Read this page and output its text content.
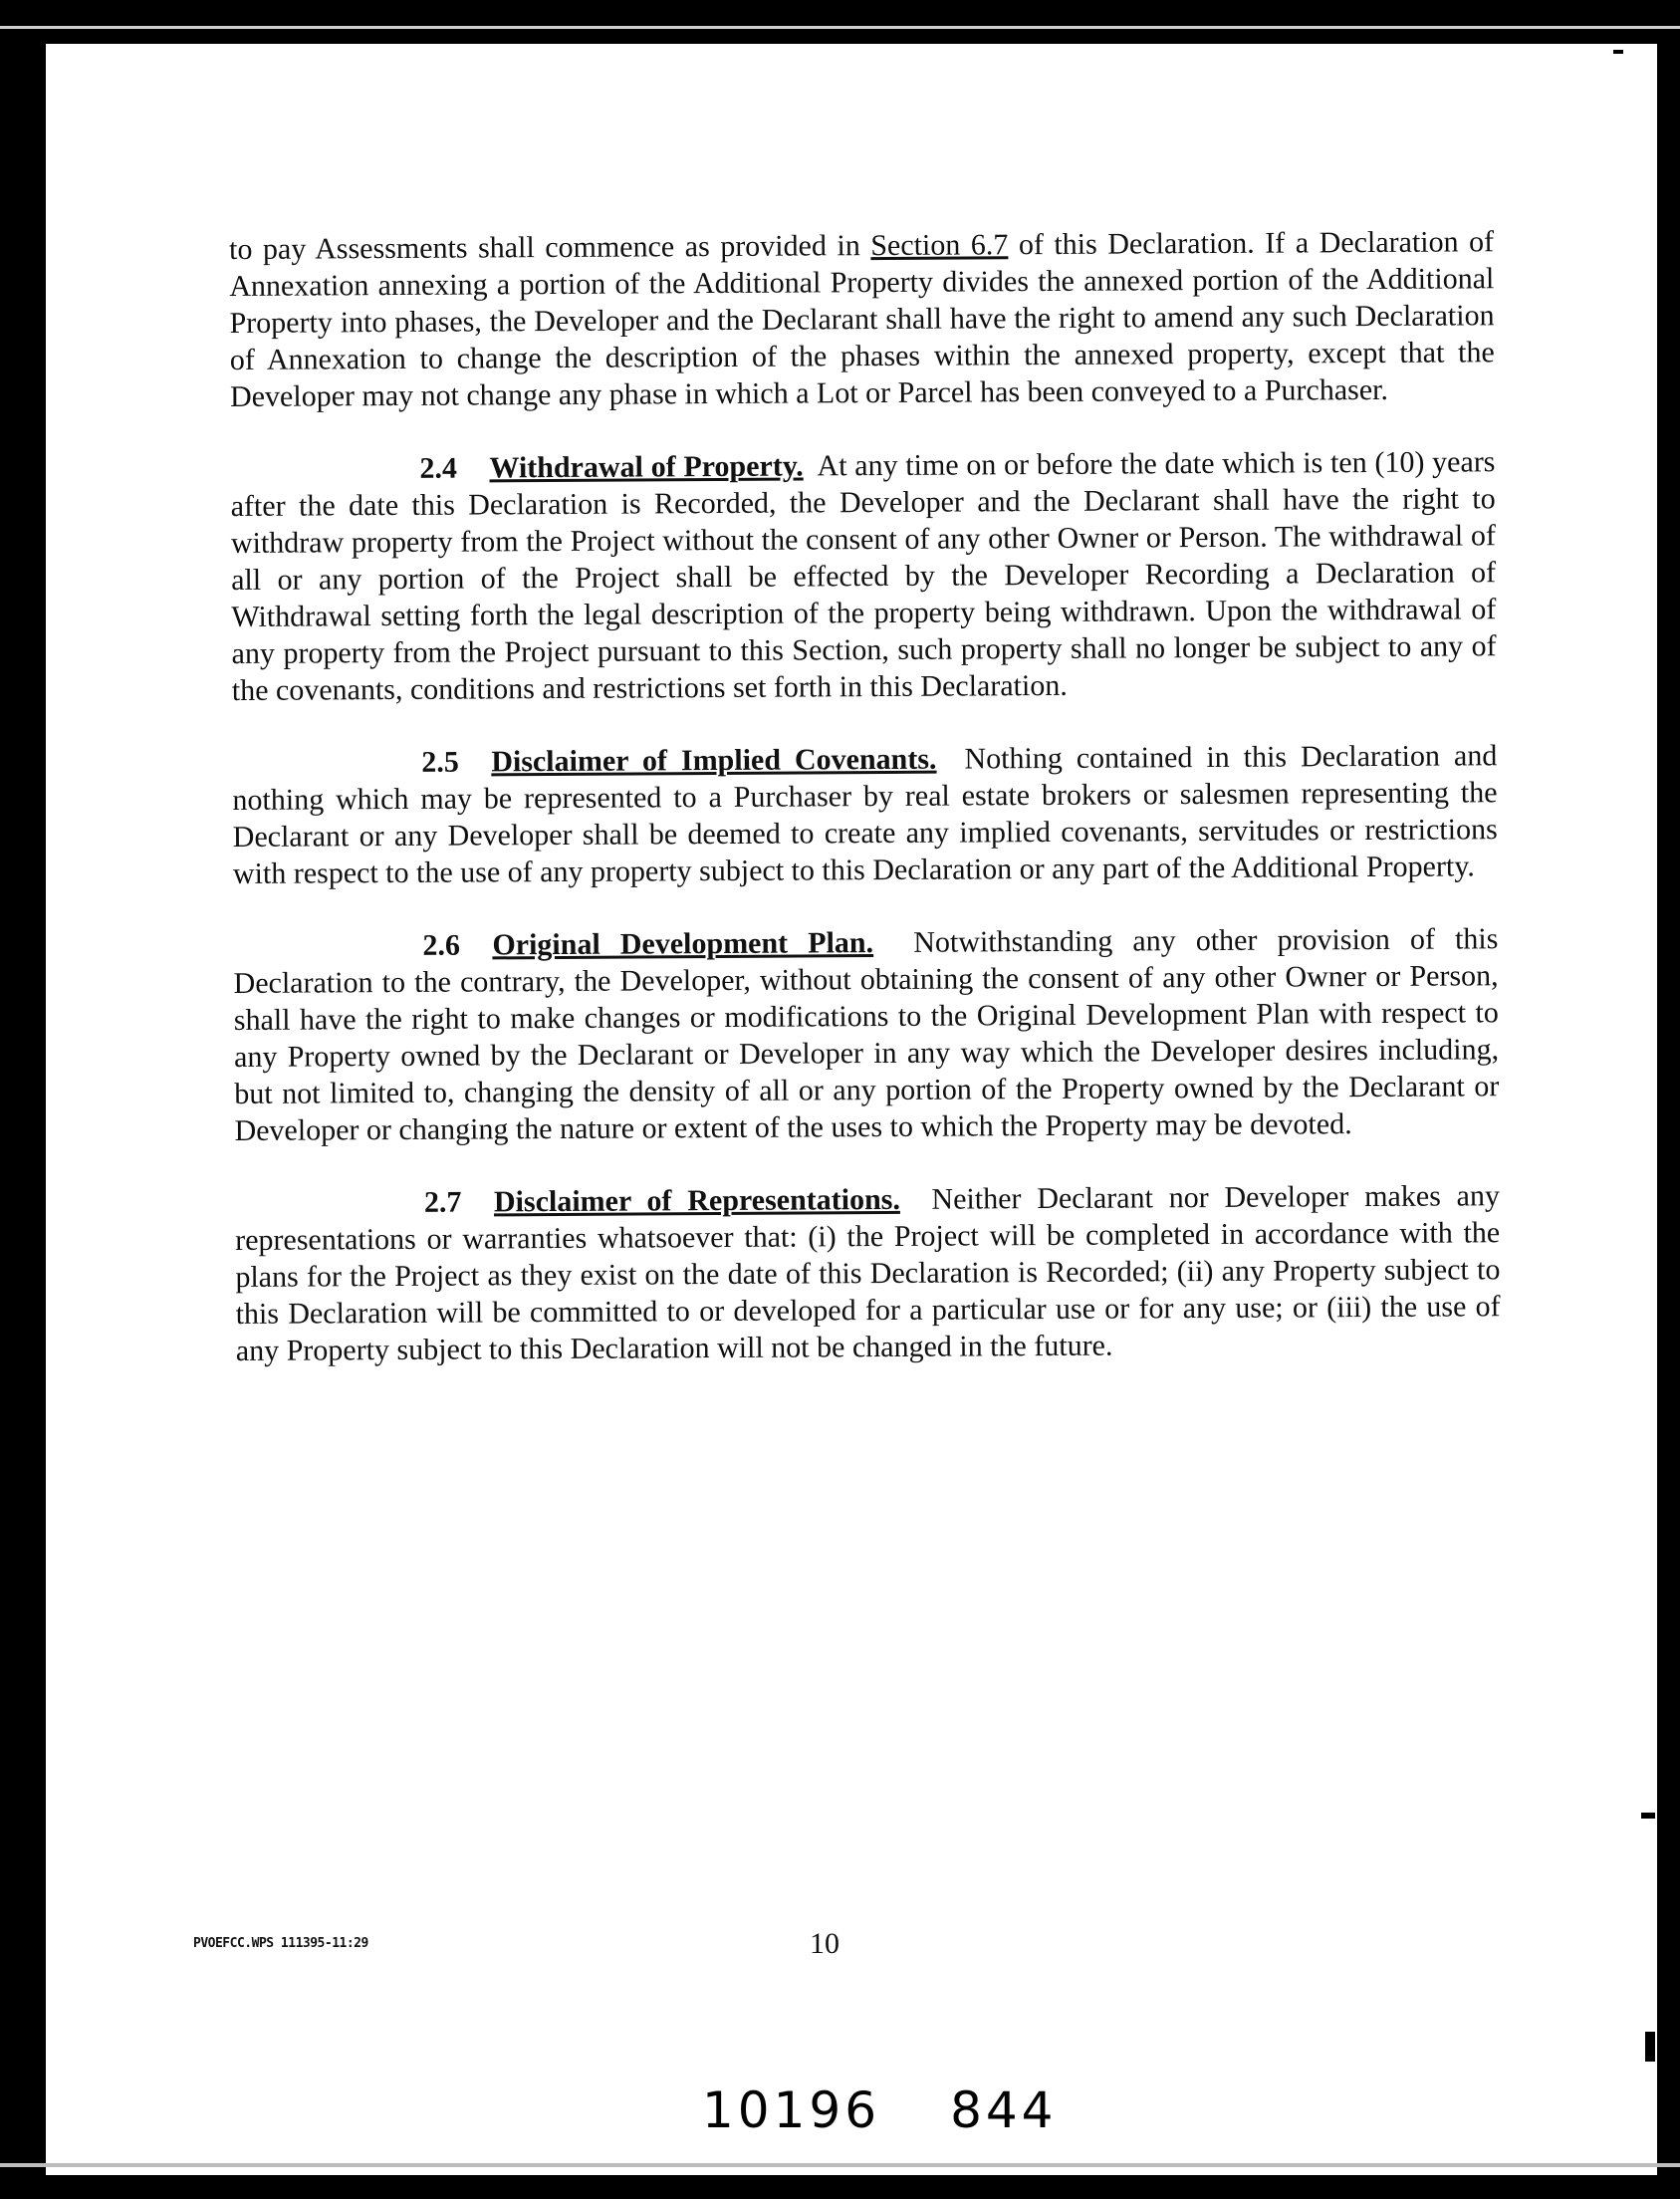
to pay Assessments shall commence as provided in Section 6.7 of this Declaration. If a Declaration of Annexation annexing a portion of the Additional Property divides the annexed portion of the Additional Property into phases, the Developer and the Declarant shall have the right to amend any such Declaration of Annexation to change the description of the phases within the annexed property, except that the Developer may not change any phase in which a Lot or Parcel has been conveyed to a Purchaser.

2.4 Withdrawal of Property. At any time on or before the date which is ten (10) years after the date this Declaration is Recorded, the Developer and the Declarant shall have the right to withdraw property from the Project without the consent of any other Owner or Person. The withdrawal of all or any portion of the Project shall be effected by the Developer Recording a Declaration of Withdrawal setting forth the legal description of the property being withdrawn. Upon the withdrawal of any property from the Project pursuant to this Section, such property shall no longer be subject to any of the covenants, conditions and restrictions set forth in this Declaration.

2.5 Disclaimer of Implied Covenants. Nothing contained in this Declaration and nothing which may be represented to a Purchaser by real estate brokers or salesmen representing the Declarant or any Developer shall be deemed to create any implied covenants, servitudes or restrictions with respect to the use of any property subject to this Declaration or any part of the Additional Property.

2.6 Original Development Plan. Notwithstanding any other provision of this Declaration to the contrary, the Developer, without obtaining the consent of any other Owner or Person, shall have the right to make changes or modifications to the Original Development Plan with respect to any Property owned by the Declarant or Developer in any way which the Developer desires including, but not limited to, changing the density of all or any portion of the Property owned by the Declarant or Developer or changing the nature or extent of the uses to which the Property may be devoted.

2.7 Disclaimer of Representations. Neither Declarant nor Developer makes any representations or warranties whatsoever that: (i) the Project will be completed in accordance with the plans for the Project as they exist on the date of this Declaration is Recorded; (ii) any Property subject to this Declaration will be committed to or developed for a particular use or for any use; or (iii) the use of any Property subject to this Declaration will not be changed in the future.

PVOEFCC.WPS 111395-11:29	10
10196 844
